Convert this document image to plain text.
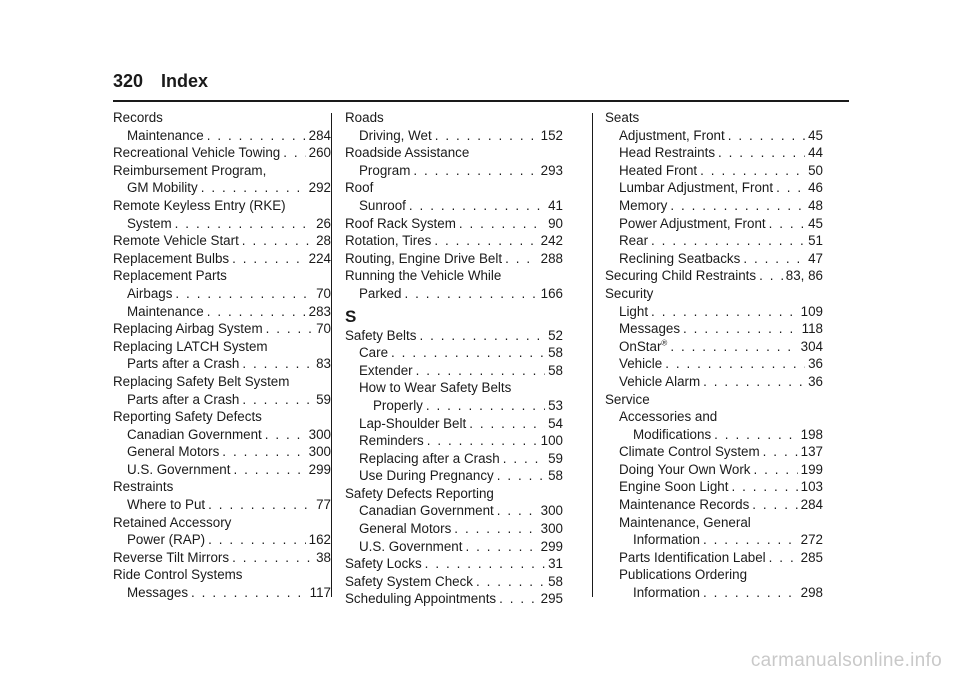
320 Index
Records
Maintenance . . .	284
Recreational Vehicle Towing . . . 260
Reimbursement Program,
GM Mobility . . .	292
Remote Keyless Entry (RKE)
System . . .	26
Remote Vehicle Start . . .	28
Replacement Bulbs . . .	224
Replacement Parts
Airbags . . .	70
Maintenance . . .	283
Replacing Airbag System . . .	70
Replacing LATCH System
Parts after a Crash . . .	83
Replacing Safety Belt System
Parts after a Crash . . .	59
Reporting Safety Defects
Canadian Government . . .	300
General Motors . . .	300
U.S. Government . . .	299
Restraints
Where to Put . . .	77
Retained Accessory
Power (RAP) . . .	162
Reverse Tilt Mirrors . . .	38
Ride Control Systems
Messages . . .	117
Roads
Driving, Wet . . .	152
Roadside Assistance
Program . . .	293
Roof
Sunroof . . .	41
Roof Rack System . . .	90
Rotation, Tires . . .	242
Routing, Engine Drive Belt . . .	288
Running the Vehicle While
Parked . . .	166
S
Safety Belts . . .	52
Care . . .	58
Extender . . .	58
How to Wear Safety Belts
Properly . . .	53
Lap-Shoulder Belt . . .	54
Reminders . . .	100
Replacing after a Crash . . .	59
Use During Pregnancy . . .	58
Safety Defects Reporting
Canadian Government . . .	300
General Motors . . .	300
U.S. Government . . .	299
Safety Locks . . .	31
Safety System Check . . .	58
Scheduling Appointments . . .	295
Seats
Adjustment, Front . . .	45
Head Restraints . . .	44
Heated Front . . .	50
Lumbar Adjustment, Front . . .	46
Memory . . .	48
Power Adjustment, Front . . .	45
Rear . . .	51
Reclining Seatbacks . . .	47
Securing Child Restraints . . . 83, 86
Security
Light . . .	109
Messages . . .	118
OnStar® . . .	304
Vehicle . . .	36
Vehicle Alarm . . .	36
Service
Accessories and
Modifications . . .	198
Climate Control System . . .	137
Doing Your Own Work . . .	199
Engine Soon Light . . .	103
Maintenance Records . . .	284
Maintenance, General
Information . . .	272
Parts Identification Label . . .	285
Publications Ordering
Information . . .	298
carmanualsonline.info
